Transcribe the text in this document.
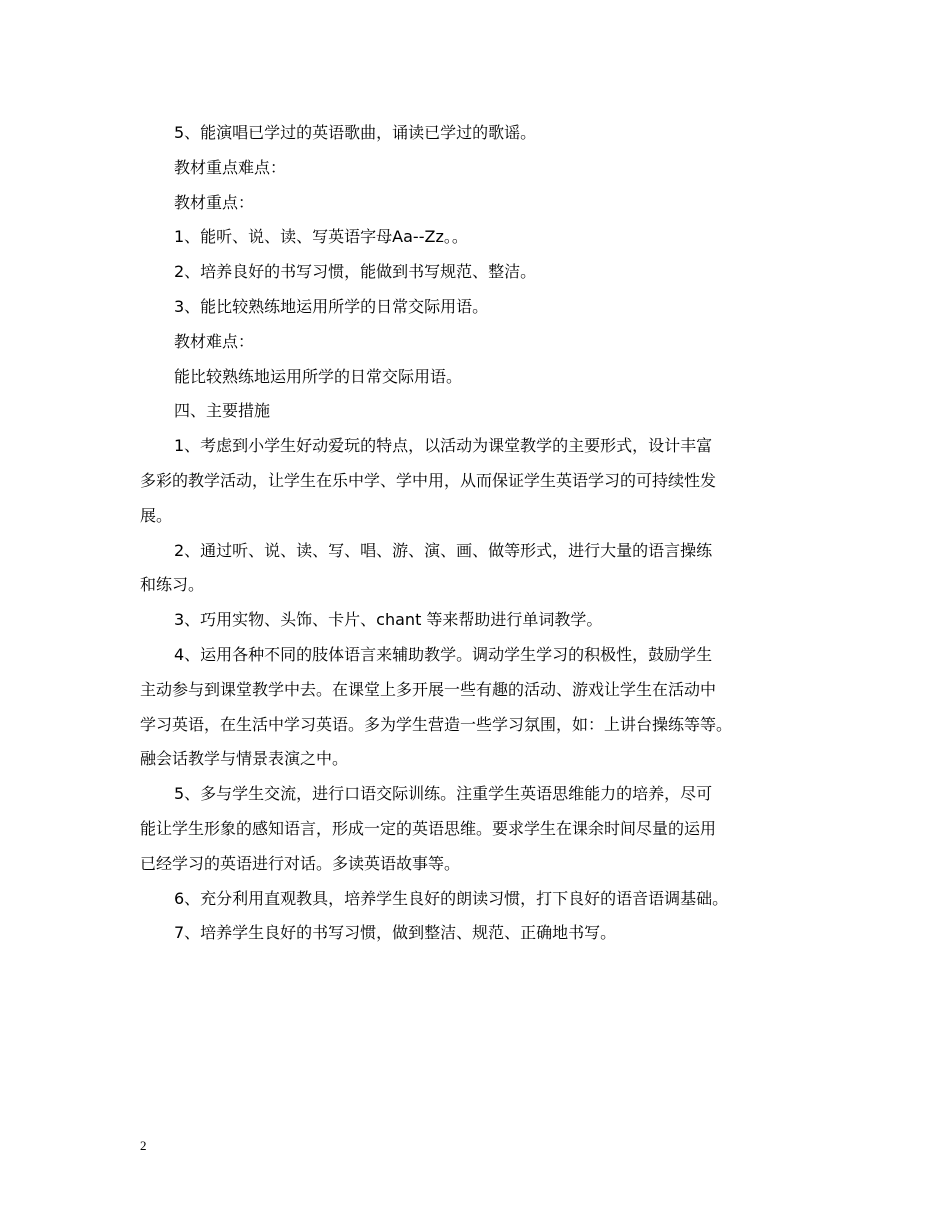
5、能演唱已学过的英语歌曲，诵读已学过的歌谣。
教材重点难点：
教材重点：
1、能听、说、读、写英语字母Aa--Zz。。
2、培养良好的书写习惯，能做到书写规范、整洁。
3、能比较熟练地运用所学的日常交际用语。
教材难点：
能比较熟练地运用所学的日常交际用语。
四、主要措施
1、考虑到小学生好动爱玩的特点，以活动为课堂教学的主要形式，设计丰富
多彩的教学活动，让学生在乐中学、学中用，从而保证学生英语学习的可持续性发
展。
2、通过听、说、读、写、唱、游、演、画、做等形式，进行大量的语言操练
和练习。
3、巧用实物、头饰、卡片、chant 等来帮助进行单词教学。
4、运用各种不同的肢体语言来辅助教学。调动学生学习的积极性，鼓励学生
主动参与到课堂教学中去。在课堂上多开展一些有趣的活动、游戏让学生在活动中
学习英语，在生活中学习英语。多为学生营造一些学习氛围，如：上讲台操练等等。
融会话教学与情景表演之中。
5、多与学生交流，进行口语交际训练。注重学生英语思维能力的培养，尽可
能让学生形象的感知语言，形成一定的英语思维。要求学生在课余时间尽量的运用
已经学习的英语进行对话。多读英语故事等。
6、充分利用直观教具，培养学生良好的朗读习惯，打下良好的语音语调基础。
7、培养学生良好的书写习惯，做到整洁、规范、正确地书写。
2
